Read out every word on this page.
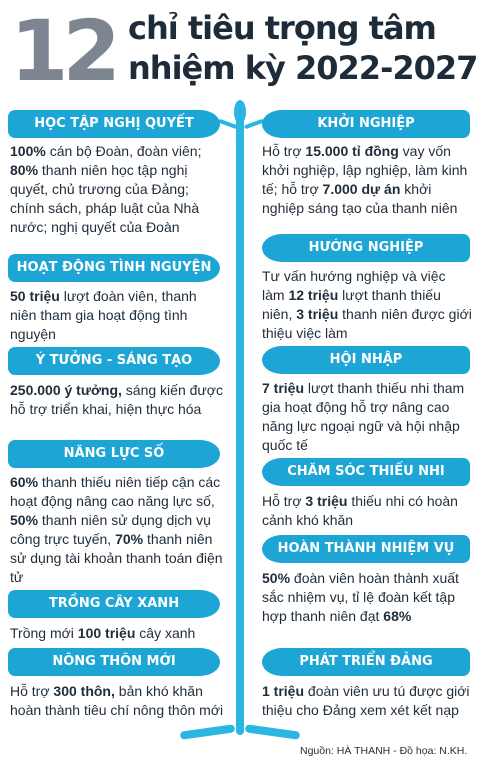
12 chỉ tiêu trọng tâm
nhiệm kỳ 2022-2027
HỌC TẬP NGHỊ QUYẾT
100% cán bộ Đoàn, đoàn viên; 80% thanh niên học tập nghị quyết, chủ trương của Đảng; chính sách, pháp luật của Nhà nước; nghị quyết của Đoàn
HOẠT ĐỘNG TÌNH NGUYỆN
50 triệu lượt đoàn viên, thanh niên tham gia hoạt động tình nguyện
Ý TƯỞNG - SÁNG TẠO
250.000 ý tưởng, sáng kiến được hỗ trợ triển khai, hiện thực hóa
NĂNG LỰC SỐ
60% thanh thiếu niên tiếp cận các hoạt động nâng cao năng lực số, 50% thanh niên sử dụng dịch vụ công trực tuyến, 70% thanh niên sử dụng tài khoản thanh toán điện tử
TRỒNG CÂY XANH
Trồng mới 100 triệu cây xanh
NÔNG THÔN MỚI
Hỗ trợ 300 thôn, bản khó khăn hoàn thành tiêu chí nông thôn mới
KHỞI NGHIỆP
Hỗ trợ 15.000 tỉ đồng vay vốn khởi nghiệp, lập nghiệp, làm kinh tế; hỗ trợ 7.000 dự án khởi nghiệp sáng tạo của thanh niên
HƯỚNG NGHIỆP
Tư vấn hướng nghiệp và việc làm 12 triệu lượt thanh thiếu niên, 3 triệu thanh niên được giới thiệu việc làm
HỘI NHẬP
7 triệu lượt thanh thiếu nhi tham gia hoạt động hỗ trợ nâng cao năng lực ngoại ngữ và hội nhập quốc tế
CHĂM SÓC THIẾU NHI
Hỗ trợ 3 triệu thiếu nhi có hoàn cảnh khó khăn
HOÀN THÀNH NHIỆM VỤ
50% đoàn viên hoàn thành xuất sắc nhiệm vụ, tỉ lệ đoàn kết tập hợp thanh niên đạt 68%
PHÁT TRIỂN ĐẢNG
1 triệu đoàn viên ưu tú được giới thiệu cho Đảng xem xét kết nạp
Nguồn: HÀ THANH - Đồ họa: N.KH.
